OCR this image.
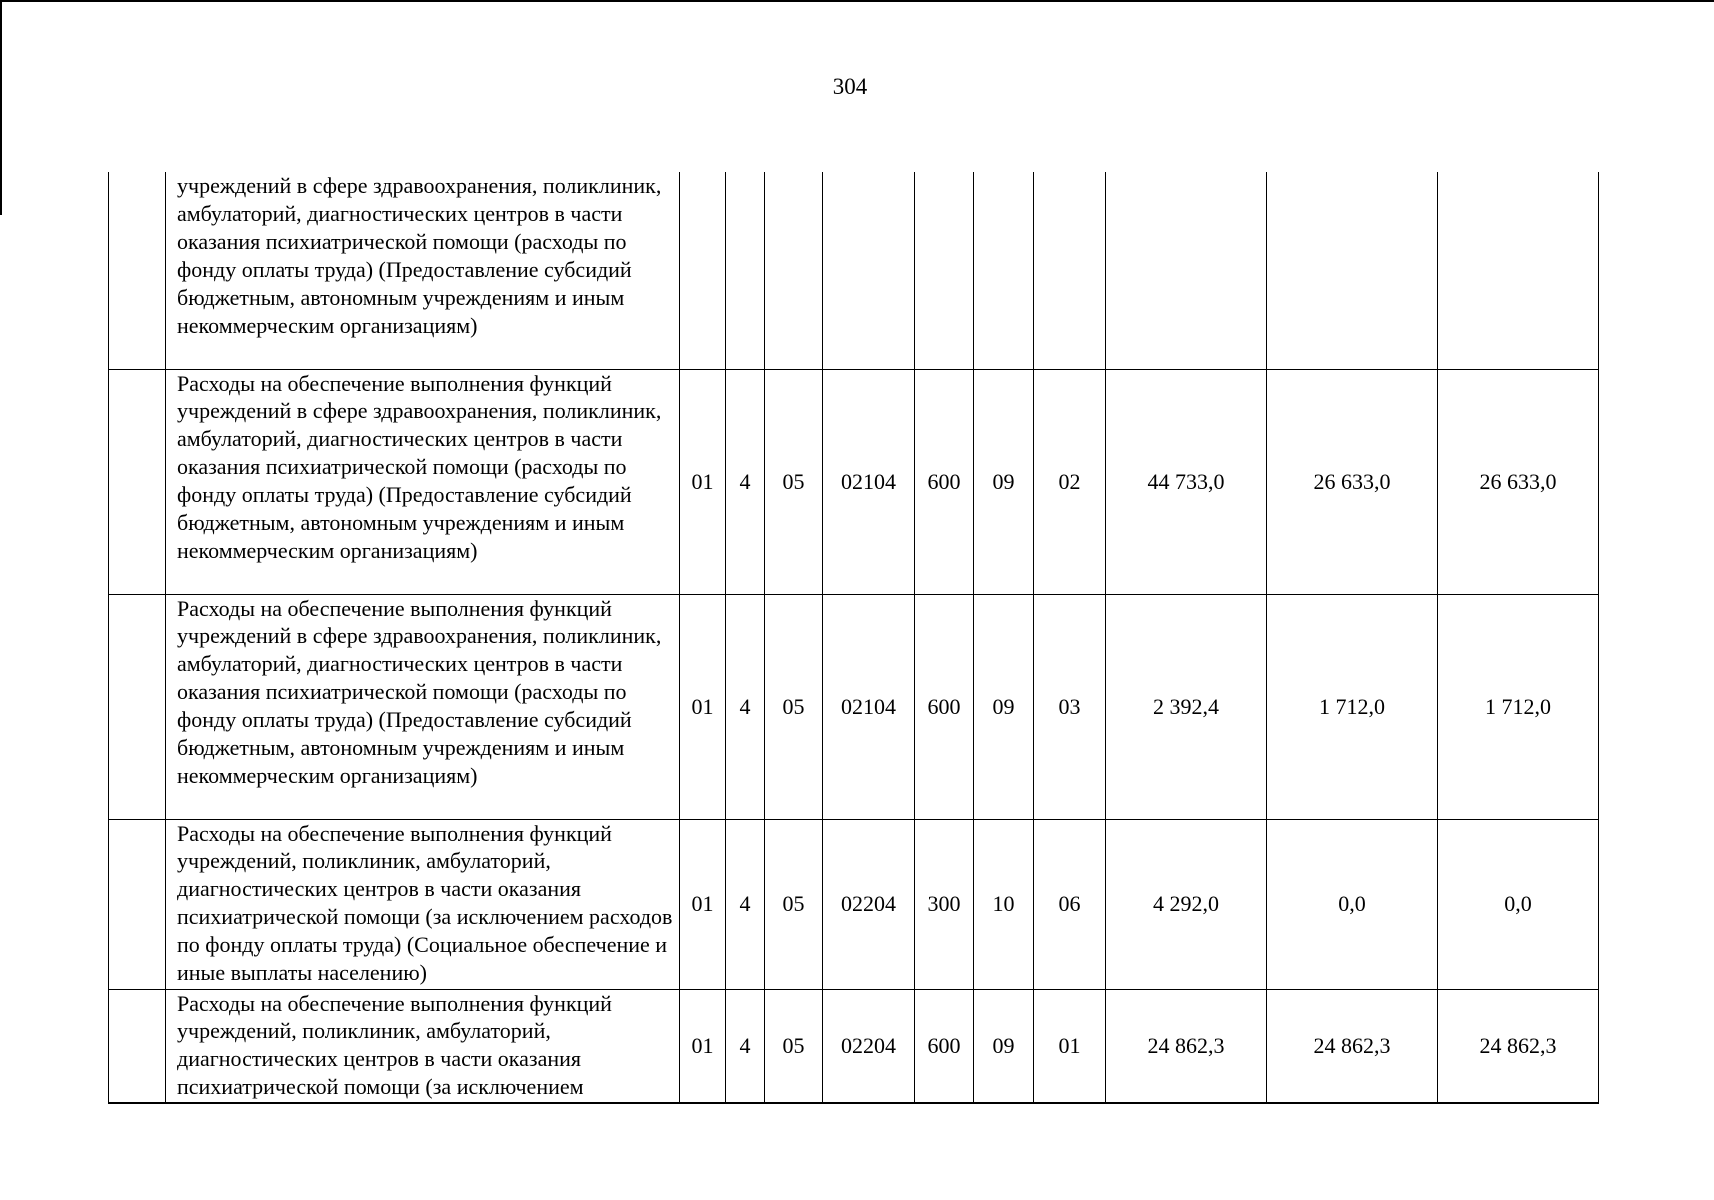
304
	учреждений в сфере здравоохранения, поликлиник, амбулаторий, диагностических центров в части оказания психиатрической помощи (расходы по фонду оплаты труда) (Предоставление субсидий бюджетным, автономным учреждениям и иным некоммерческим организациям)										
	Расходы на обеспечение выполнения функций учреждений в сфере здравоохранения, поликлиник, амбулаторий, диагностических центров в части оказания психиатрической помощи (расходы по фонду оплаты труда) (Предоставление субсидий бюджетным, автономным учреждениям и иным некоммерческим организациям)	01	4	05	02104	600	09	02	44 733,0	26 633,0	26 633,0
	Расходы на обеспечение выполнения функций учреждений в сфере здравоохранения, поликлиник, амбулаторий, диагностических центров в части оказания психиатрической помощи (расходы по фонду оплаты труда) (Предоставление субсидий бюджетным, автономным учреждениям и иным некоммерческим организациям)	01	4	05	02104	600	09	03	2 392,4	1 712,0	1 712,0
	Расходы на обеспечение выполнения функций учреждений, поликлиник, амбулаторий, диагностических центров в части оказания психиатрической помощи (за исключением расходов по фонду оплаты труда) (Социальное обеспечение и иные выплаты населению)	01	4	05	02204	300	10	06	4 292,0	0,0	0,0
	Расходы на обеспечение выполнения функций учреждений, поликлиник, амбулаторий, диагностических центров в части оказания психиатрической помощи (за исключением	01	4	05	02204	600	09	01	24 862,3	24 862,3	24 862,3
